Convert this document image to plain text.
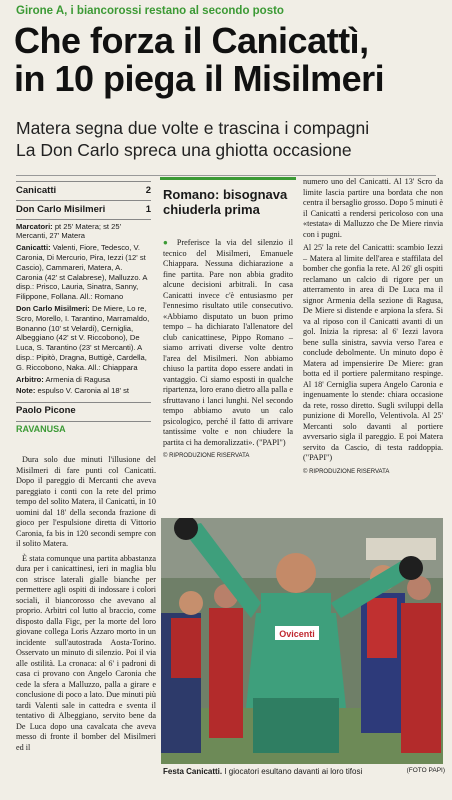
Girone A, i biancorossi restano al secondo posto
Che forza il Canicattì,
in 10 piega il Misilmeri
Matera segna due volte e trascina i compagni
La Don Carlo spreca una ghiotta occasione
Canicatti	2
Don Carlo Misilmeri	1

Marcatori: pt 25' Matera; st 25' Mercanti, 27' Matera

Canicatti: Valenti, Fiore, Tedesco, V. Caronia, Di Mercurio, Pira, Iezzi (12' st Cascio), Cammarerі, Matera, A. Caronia (42' st Calabrese), Malluzzo. A disp.: Prisco, Lauria, Sinatra, Sanny, Filippone, Follana. All.: Romano

Don Carlo Misilmeri: De Miere, Lo re, Scro, Morello, I. Tarantino, Marramaldo, Bonanno (10' st Velardi), Cerniglia, Albeggiano (42' st V. Riccobono), De Luca, S. Tarantino (23' st Mercanti). A disp.: Pipitò, Dragna, Buttigè, Cardella, G. Riccobono, Naka. All.: Chiappara

Arbitro: Armenia di Ragusa

Note: espulso V. Caronia al 18' st

Paolo Picone
RAVANUSA

Dura solo due minuti l'illusione del Misilmeri di fare punti col Canicattì. Dopo il pareggio di Mercanti che aveva pareggiato i conti con la rete del primo tempo del solito Matera, il Canicattì, in 10 uomini dal 18' della seconda frazione di gioco per l'espulsione diretta di Vittorio Caronia, fa bis in 120 secondi sempre con il solito Matera.

È stata comunque una partita abbastanza dura per i canicattinesi, ieri in maglia blu con strisce laterali gialle bianche per permettere agli ospiti di indossare i colori sociali, il biancorosso che avevano al proprio. Arbitri col lutto al braccio, come disposto dalla Figc, per la morte del loro giovane collega Loris Azzaro morto in un incidente sull'autostrada Aosta-Torino. Osservato un minuto di silenzio. Poi il via alle ostilità. La cronaca: al 6' i padroni di casa ci provano con Angelo Caronia che cede la sfera a Malluzzo, palla a girare e conclusione di poco a lato. Due minuti più tardi Valenti sale in cattedra e sventa il tentativo di Albeggiano, servito bene da De Luca dopo una cavalcata che aveva messo di fronte il bomber del Misilmeri ed il

Romano: bisognava chiuderla prima

● Preferisce la via del silenzio il tecnico del Misilmeri, Emanuele Chiappara. Nessuna dichiarazione a fine partita. Pare non abbia gradito alcune decisioni arbitrali. In casa Canicatti invece c'è entusiasmo per l'ennesimo risultato utile consecutivo. «Abbiamo disputato un buon primo tempo – ha dichiarato l'allenatore del club canicattinese, Pippo Romano – siamo arrivati diverse volte dentro l'area del Misilmeri. Non abbiamo chiuso la partita dopo essere andati in vantaggio. Ci siamo esposti in qualche ripartenza, loro erano dietro alla palla e sfruttavano i lanci lunghi. Nel secondo tempo abbiamo avuto un calo psicologico, perché il fatto di arrivare tantissime volte e non chiudere la partita ci ha demoralizzati». ("PAPI")

© RIPRODUZIONE RISERVATA

numero uno del Canicatti. Al 13' Scro da limite lascia partire una bordata che non centra il bersaglio grosso. Dopo 5 minuti è il Canicattì a rendersi pericoloso con una «testata» di Malluzzo che De Miere rinvia con i pugni.

Al 25' la rete del Canicatti: scambio Iezzi – Matera al limite dell'area e staffilata del bomber che gonfia la rete. Al 26' gli ospiti reclamano un calcio di rigore per un atterramento in area di De Luca ma il signor Armenia della sezione di Ragusa, De Miere si distende e arpiona la sfera. Si va al riposo con il Canicatti avanti di un gol. Inizia la ripresa: al 6' Iezzi lavora bene sulla sinistra, savvia verso l'area e conclude debolmente. Un minuto dopo è Matera ad impensierire De Miere: gran botta ed il portiere palermitano respinge. Al 18' Cerniglia supera Angelo Caronia e ingenuamente lo stende: chiara occasione da rete, rosso diretto. Sugli sviluppi della punizione di Morello, Velentivola. Al 25' Mercanti solo davanti al portiere avversario sigla il pareggio. E poi Matera servito da Cascio, di testa raddoppia. ("PAPI")

© RIPRODUZIONE RISERVATA
Ovicenti
(FOTO PAPI)
Festa Canicatti. I giocatori esultano davanti ai loro tifosi
